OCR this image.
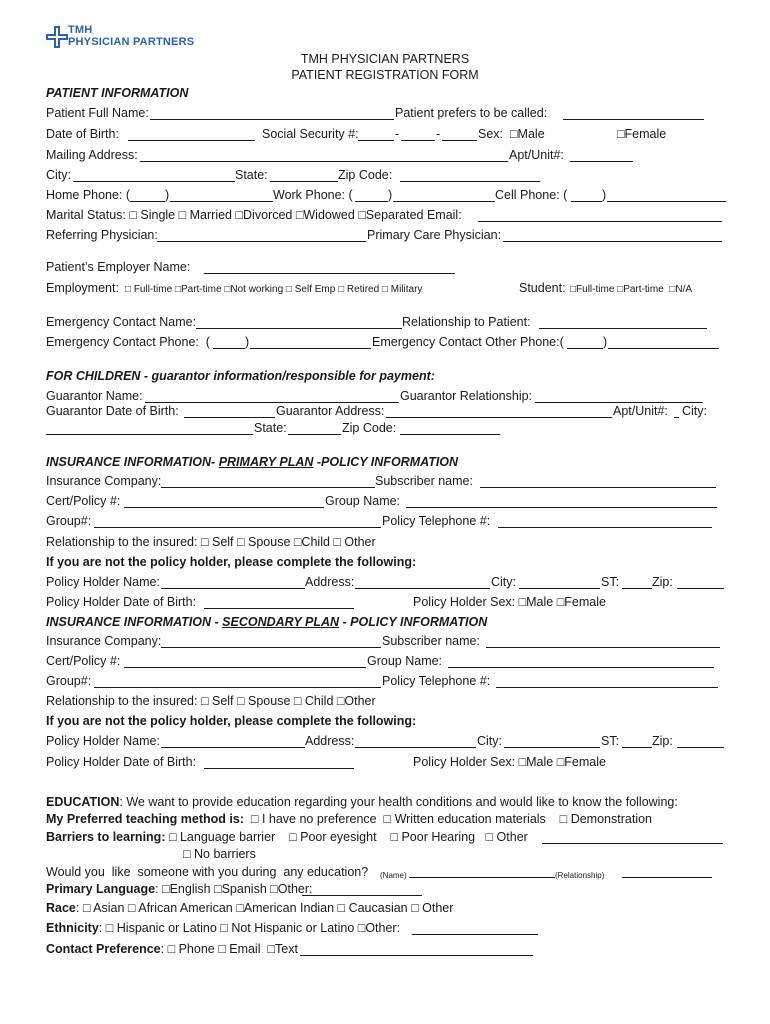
TMH
PHYSICIAN PARTNERS
TMH PHYSICIAN PARTNERS
PATIENT REGISTRATION FORM
PATIENT INFORMATION
Patient Full Name:	Patient prefers to be called:
Date of Birth:	Social Security #:	-	-	Sex: □Male	□Female
Mailing Address:	Apt/Unit#:
City:	State:	Zip Code:
Home Phone: (	)	Work Phone: (	)	Cell Phone: (	)
Marital Status: □ Single □ Married □Divorced □Widowed □Separated Email:
Referring Physician:	Primary Care Physician:
Patient’s Employer Name:
Employment: □ Full-time □Part-time □Not working □ Self Emp □ Retired □ Military	Student: □Full-time □Part-time  □N/A
Emergency Contact Name:	Relationship to Patient:
Emergency Contact Phone:  (	)	Emergency Contact Other Phone:(	)
FOR CHILDREN - guarantor information/responsible for payment:
Guarantor Name:	Guarantor Relationship:
Guarantor Date of Birth:	Guarantor Address:	Apt/Unit#: City:
State:	Zip Code:
INSURANCE INFORMATION- PRIMARY PLAN -POLICY INFORMATION
Insurance Company:	Subscriber name:
Cert/Policy #:	Group Name:
Group#:	Policy Telephone #:
Relationship to the insured: □ Self □ Spouse □Child □ Other
If you are not the policy holder, please complete the following:
Policy Holder Name:	Address:	City:	ST:	Zip:
Policy Holder Date of Birth:	Policy Holder Sex: □Male □Female
INSURANCE INFORMATION - SECONDARY PLAN - POLICY INFORMATION
Insurance Company:	Subscriber name:
Cert/Policy #:	Group Name:
Group#:	Policy Telephone #:
Relationship to the insured: □ Self □ Spouse □ Child □Other
If you are not the policy holder, please complete the following:
Policy Holder Name:	Address:	City:	ST:	Zip:
Policy Holder Date of Birth:	Policy Holder Sex: □Male □Female
EDUCATION: We want to provide education regarding your health conditions and would like to know the following:
My Preferred teaching method is:  □ I have no preference  □ Written education materials    □ Demonstration
Barriers to learning: □ Language barrier    □ Poor eyesight    □ Poor Hearing   □ Other
□ No barriers
Would you  like  someone with you during  any education? (Name)	(Relationship)
Primary Language: □English □Spanish □Other:
Race: □ Asian □ African American □American Indian □ Caucasian □ Other
Ethnicity: □ Hispanic or Latino □ Not Hispanic or Latino □Other:
Contact Preference: □ Phone □ Email  □Text
